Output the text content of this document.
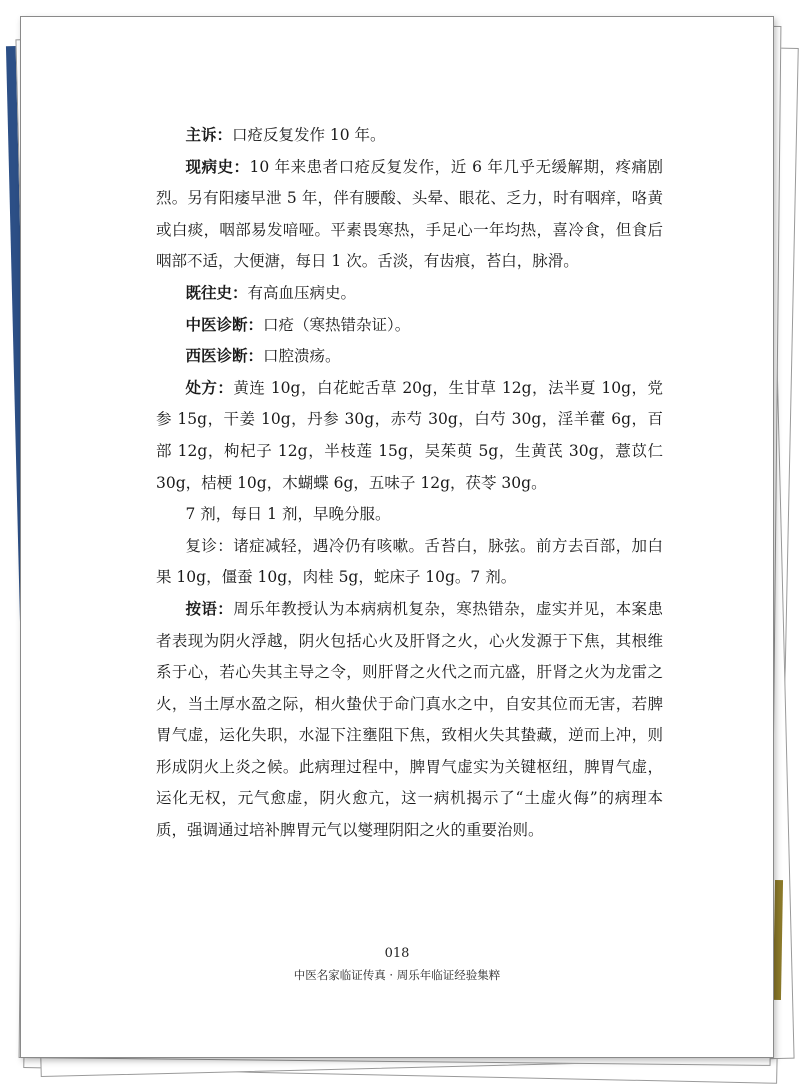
主诉：口疮反复发作 10 年。

现病史：10 年来患者口疮反复发作，近 6 年几乎无缓解期，疼痛剧烈。另有阳痿早泄 5 年，伴有腰酸、头晕、眼花、乏力，时有咽痒，咯黄或白痰，咽部易发喑哑。平素畏寒热，手足心一年均热，喜冷食，但食后咽部不适，大便溏，每日 1 次。舌淡，有齿痕，苔白，脉滑。

既往史：有高血压病史。

中医诊断：口疮（寒热错杂证）。

西医诊断：口腔溃疡。

处方：黄连 10g，白花蛇舌草 20g，生甘草 12g，法半夏 10g，党参 15g，干姜 10g，丹参 30g，赤芍 30g，白芍 30g，淫羊藿 6g，百部 12g，枸杞子 12g，半枝莲 15g，吴茱萸 5g，生黄芪 30g，薏苡仁 30g，桔梗 10g，木蝴蝶 6g，五味子 12g，茯苓 30g。

7 剂，每日 1 剂，早晚分服。

复诊：诸症减轻，遇冷仍有咳嗽。舌苔白，脉弦。前方去百部，加白果 10g，僵蚕 10g，肉桂 5g，蛇床子 10g。7 剂。

按语：周乐年教授认为本病病机复杂，寒热错杂，虚实并见，本案患者表现为阴火浮越，阴火包括心火及肝肾之火，心火发源于下焦，其根维系于心，若心失其主导之令，则肝肾之火代之而亢盛，肝肾之火为龙雷之火，当土厚水盈之际，相火蛰伏于命门真水之中，自安其位而无害，若脾胃气虚，运化失职，水湿下注壅阻下焦，致相火失其蛰藏，逆而上冲，则形成阴火上炎之候。此病理过程中，脾胃气虚实为关键枢纽，脾胃气虚，运化无权，元气愈虚，阴火愈亢，这一病机揭示了“土虚火侮”的病理本质，强调通过培补脾胃元气以燮理阴阳之火的重要治则。

018
中医名家临证传真 · 周乐年临证经验集粹
